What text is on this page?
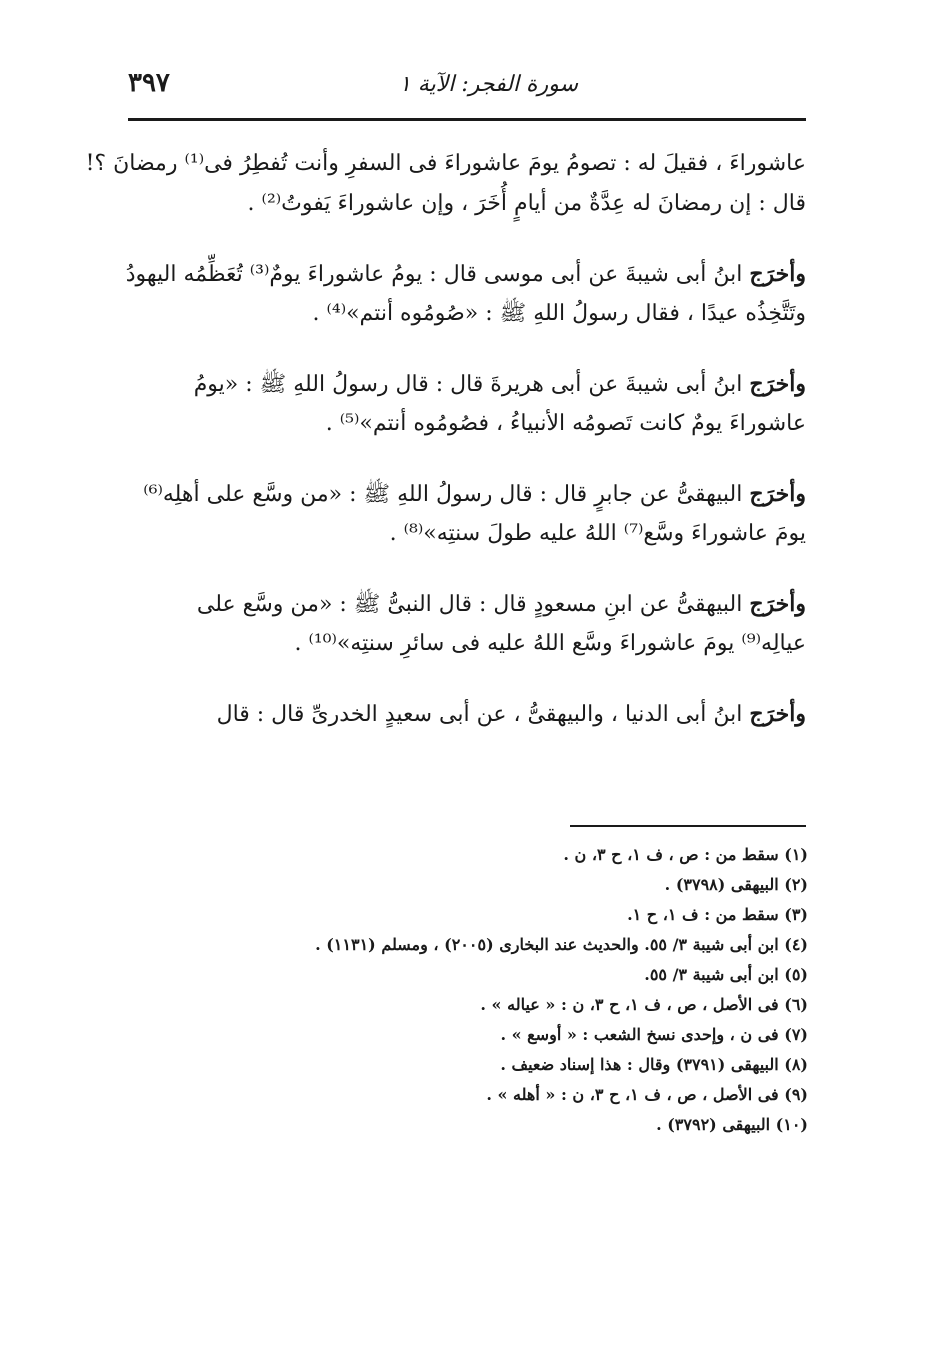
٣٩٧	سورة الفجر: الآية ١
عاشوراءَ ، فقيلَ له : تصومُ يومَ عاشوراءَ فى السفرِ وأنت تُفطِرُ فى⁽¹⁾ رمضانَ ؟!
قال : إن رمضانَ له عِدَّةٌ من أيامٍ أُخَرَ ، وإن عاشوراءَ يَفوتُ⁽²⁾ .
وأخرَج ابنُ أبى شيبةَ عن أبى موسى قال : يومُ عاشوراءَ يومٌ⁽³⁾ تُعَظِّمُه اليهودُ
وتَتَّخِذُه عيدًا ، فقال رسولُ اللهِ ﷺ : «صُومُوه أنتم»⁽⁴⁾ .
وأخرَج ابنُ أبى شيبةَ عن أبى هريرةَ قال : قال رسولُ اللهِ ﷺ : «يومُ
عاشوراءَ يومٌ كانت تَصومُه الأنبياءُ ، فصُومُوه أنتم»⁽⁵⁾ .
وأخرَج البيهقىُّ عن جابرٍ قال : قال رسولُ اللهِ ﷺ : «من وسَّع على أهلِه⁽⁶⁾
يومَ عاشوراءَ وسَّع⁽⁷⁾ اللهُ عليه طولَ سنتِه»⁽⁸⁾ .
وأخرَج البيهقىُّ عن ابنِ مسعودٍ قال : قال النبىُّ ﷺ : «من وسَّع على
عيالِه⁽⁹⁾ يومَ عاشوراءَ وسَّع اللهُ عليه فى سائرِ سنتِه»⁽¹⁰⁾ .
وأخرَج ابنُ أبى الدنيا ، والبيهقىُّ ، عن أبى سعيدٍ الخدرىِّ قال : قال
(١) سقط من : ص ، ف ١، ح ٣، ن .
(٢) البيهقى (٣٧٩٨) .
(٣) سقط من : ف ١، ح ١.
(٤) ابن أبى شيبة ٣/ ٥٥. والحديث عند البخارى (٢٠٠٥) ، ومسلم (١١٣١) .
(٥) ابن أبى شيبة ٣/ ٥٥.
(٦) فى الأصل ، ص ، ف ١، ح ٣، ن : « عياله » .
(٧) فى ن ، وإحدى نسخ الشعب : « أوسع » .
(٨) البيهقى (٣٧٩١) وقال : هذا إسناد ضعيف .
(٩) فى الأصل ، ص ، ف ١، ح ٣، ن : « أهله » .
(١٠) البيهقى (٣٧٩٢) .
